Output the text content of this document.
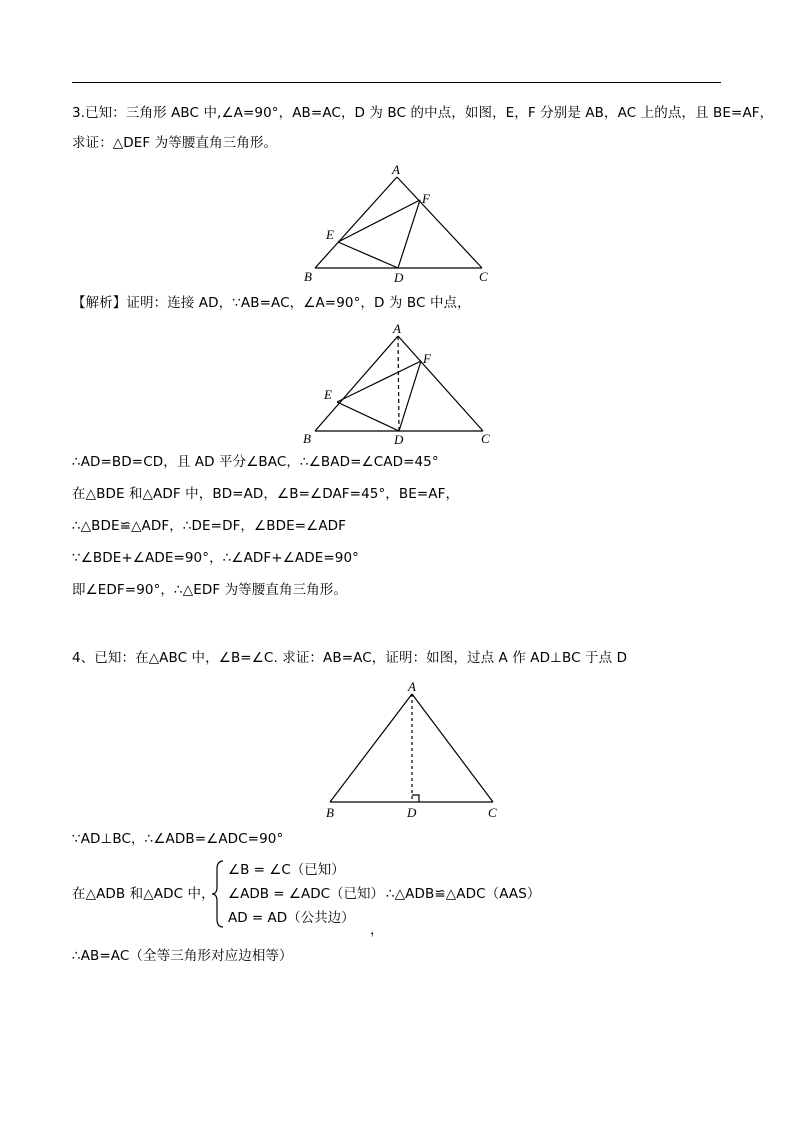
3.已知：三角形 ABC 中,∠A=90°，AB=AC，D 为 BC 的中点，如图，E，F 分别是 AB，AC 上的点，且 BE=AF，
求证：△DEF 为等腰直角三角形。
A
B	C
D
E
F
【解析】证明：连接 AD，∵AB=AC，∠A=90°，D 为 BC 中点，
A
B	C
D
E
F
∴AD=BD=CD，且 AD 平分∠BAC，∴∠BAD=∠CAD=45°
在△BDE 和△ADF 中，BD=AD，∠B=∠DAF=45°，BE=AF，
∴△BDE≌△ADF，∴DE=DF，∠BDE=∠ADF
∵∠BDE+∠ADE=90°，∴∠ADF+∠ADE=90°
即∠EDF=90°，∴△EDF 为等腰直角三角形。
4、已知：在△ABC 中，∠B=∠C. 求证：AB=AC，证明：如图，过点 A 作 AD⊥BC 于点 D
A
B	C
D
∵AD⊥BC，∴∠ADB=∠ADC=90°
在△ADB 和△ADC 中，
∠B = ∠C（已知）
∠ADB = ∠ADC（已知）
AD = AD（公共边）
∴△ADB≌△ADC（AAS）
，
∴AB=AC（全等三角形对应边相等）
